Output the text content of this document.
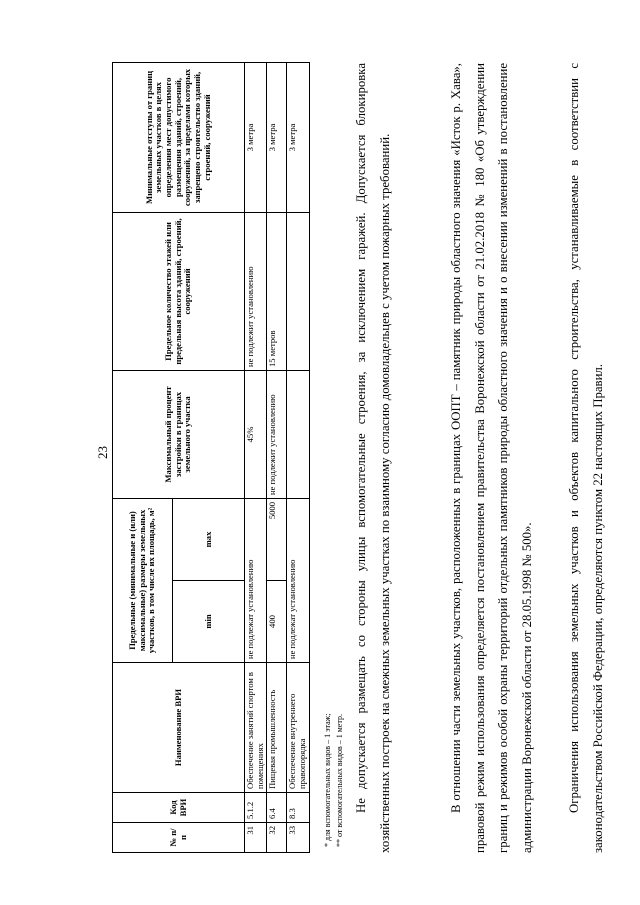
23
№ п/п	Код ВРИ	Наименование ВРИ	Предельные (минимальные и (или) максимальные) размеры земельных участков, в том числе их площадь, м²		Максимальный процент застройки в границах земельного участка	Предельное количество этажей или предельная высота зданий, строений, сооружений	Минимальные отступы от границ земельных участков в целях определения мест допустимого размещения зданий, строений, сооружений, за пределами которых запрещено строительство зданий, строений, сооружений
			min	max			
31	5.1.2	Обеспечение занятий спортом в помещениях	не подлежат установлению		45%	не подлежит установлению	3 метра
32	6.4	Пищевая промышленность	400	5000	не подлежит установлению	15 метров	3 метра
33	8.3	Обеспечение внутреннего правопорядка	не подлежат установлению				3 метра
* для вспомогательных видов – 1 этаж; ** от вспомогательных видов – 1 метр. Не допускается размещать со стороны улицы вспомогательные строения, за исключением гаражей. Допускается блокировка хозяйственных построек на смежных земельных участках по взаимному согласию домовладельцев с учетом пожарных требований.	В отношении части земельных участков, расположенных в границах ООПТ – памятник природы областного значения «Исток р. Хава», правовой режим использования определяется постановлением правительства Воронежской области от 21.02.2018 № 180 «Об утверждении границ и режимов особой охраны территорий отдельных памятников природы областного значения и о внесении изменений в постановление администрации Воронежской области от 28.05.1998 № 500».	Ограничения использования земельных участков и объектов капитального строительства, устанавливаемые в соответствии с законодательством Российской Федерации, определяются пунктом 22 настоящих Правил.
